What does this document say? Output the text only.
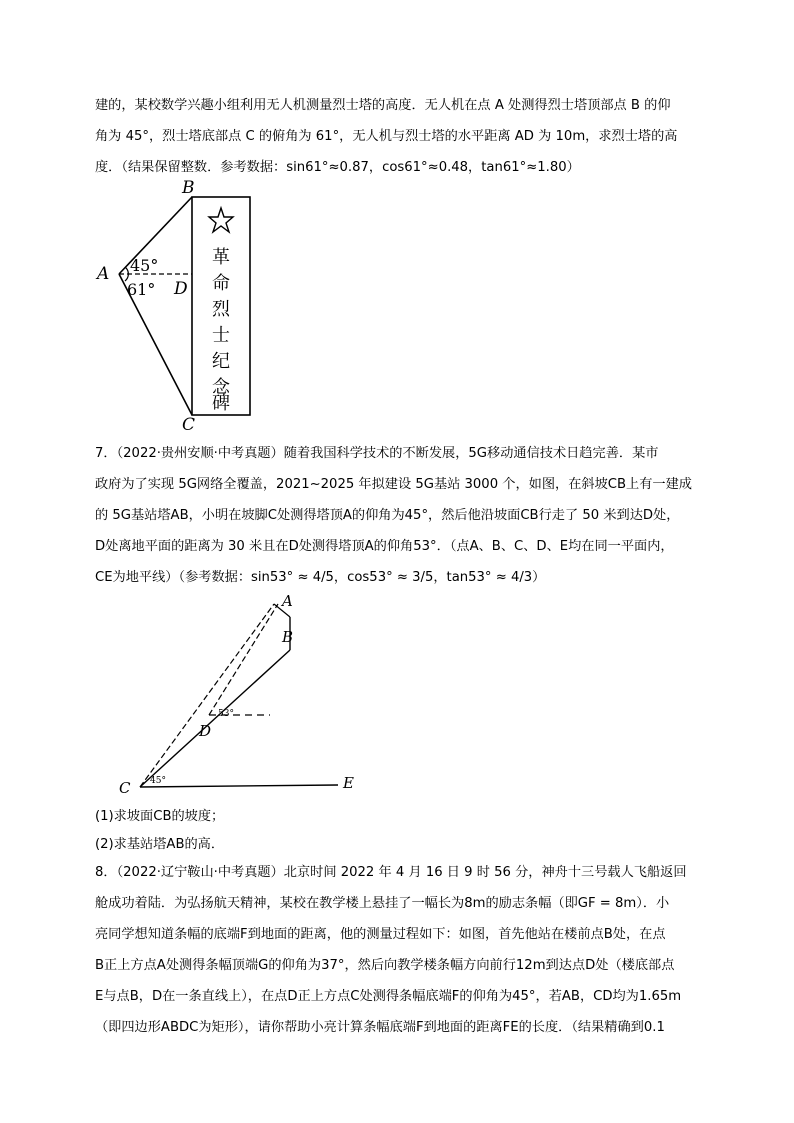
建的，某校数学兴趣小组利用无人机测量烈士塔的高度．无人机在点 A 处测得烈士塔顶部点 B 的仰
角为 45°，烈士塔底部点 C 的俯角为 61°，无人机与烈士塔的水平距离 AD 为 10m，求烈士塔的高
度．（结果保留整数．参考数据：sin61°≈0.87，cos61°≈0.48，tan61°≈1.80）
B
A
D
C
45°
61°
革
命
烈
士
纪
念
碑
7．（2022·贵州安顺·中考真题）随着我国科学技术的不断发展，5G移动通信技术日趋完善．某市
政府为了实现 5G网络全覆盖，2021~2025 年拟建设 5G基站 3000 个，如图，在斜坡CB上有一建成
的 5G基站塔AB，小明在坡脚C处测得塔顶A的仰角为45°，然后他沿坡面CB行走了 50 米到达D处，
D处离地平面的距离为 30 米且在D处测得塔顶A的仰角53°．（点A、B、C、D、E均在同一平面内，
CE为地平线）（参考数据：sin53° ≈ 4/5，cos53° ≈ 3/5，tan53° ≈ 4/3）
A
B
D
C	E
53°
45°

(1)求坡面CB的坡度；

(2)求基站塔AB的高．

8．（2022·辽宁鞍山·中考真题）北京时间 2022 年 4 月 16 日 9 时 56 分，神舟十三号载人飞船返回
舱成功着陆．为弘扬航天精神，某校在教学楼上悬挂了一幅长为8m的励志条幅（即GF = 8m）．小
亮同学想知道条幅的底端F到地面的距离，他的测量过程如下：如图，首先他站在楼前点B处，在点
B正上方点A处测得条幅顶端G的仰角为37°，然后向教学楼条幅方向前行12m到达点D处（楼底部点
E与点B，D在一条直线上），在点D正上方点C处测得条幅底端F的仰角为45°，若AB，CD均为1.65m
（即四边形ABDC为矩形），请你帮助小亮计算条幅底端F到地面的距离FE的长度．（结果精确到0.1
